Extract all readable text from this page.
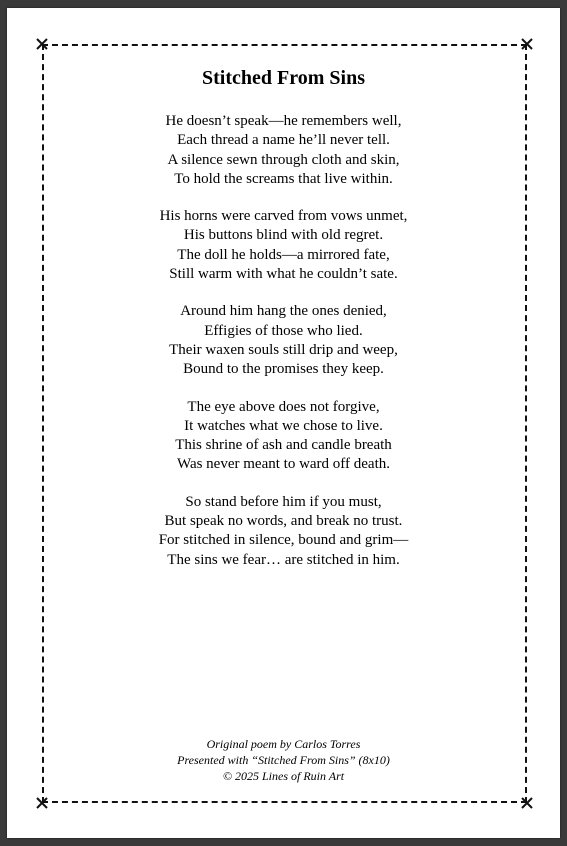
Stitched From Sins
He doesn’t speak—he remembers well,
Each thread a name he’ll never tell.
A silence sewn through cloth and skin,
To hold the screams that live within.
His horns were carved from vows unmet,
His buttons blind with old regret.
The doll he holds—a mirrored fate,
Still warm with what he couldn’t sate.
Around him hang the ones denied,
Effigies of those who lied.
Their waxen souls still drip and weep,
Bound to the promises they keep.
The eye above does not forgive,
It watches what we chose to live.
This shrine of ash and candle breath
Was never meant to ward off death.
So stand before him if you must,
But speak no words, and break no trust.
For stitched in silence, bound and grim—
The sins we fear… are stitched in him.
Original poem by Carlos Torres
Presented with “Stitched From Sins” (8x10)
© 2025 Lines of Ruin Art
